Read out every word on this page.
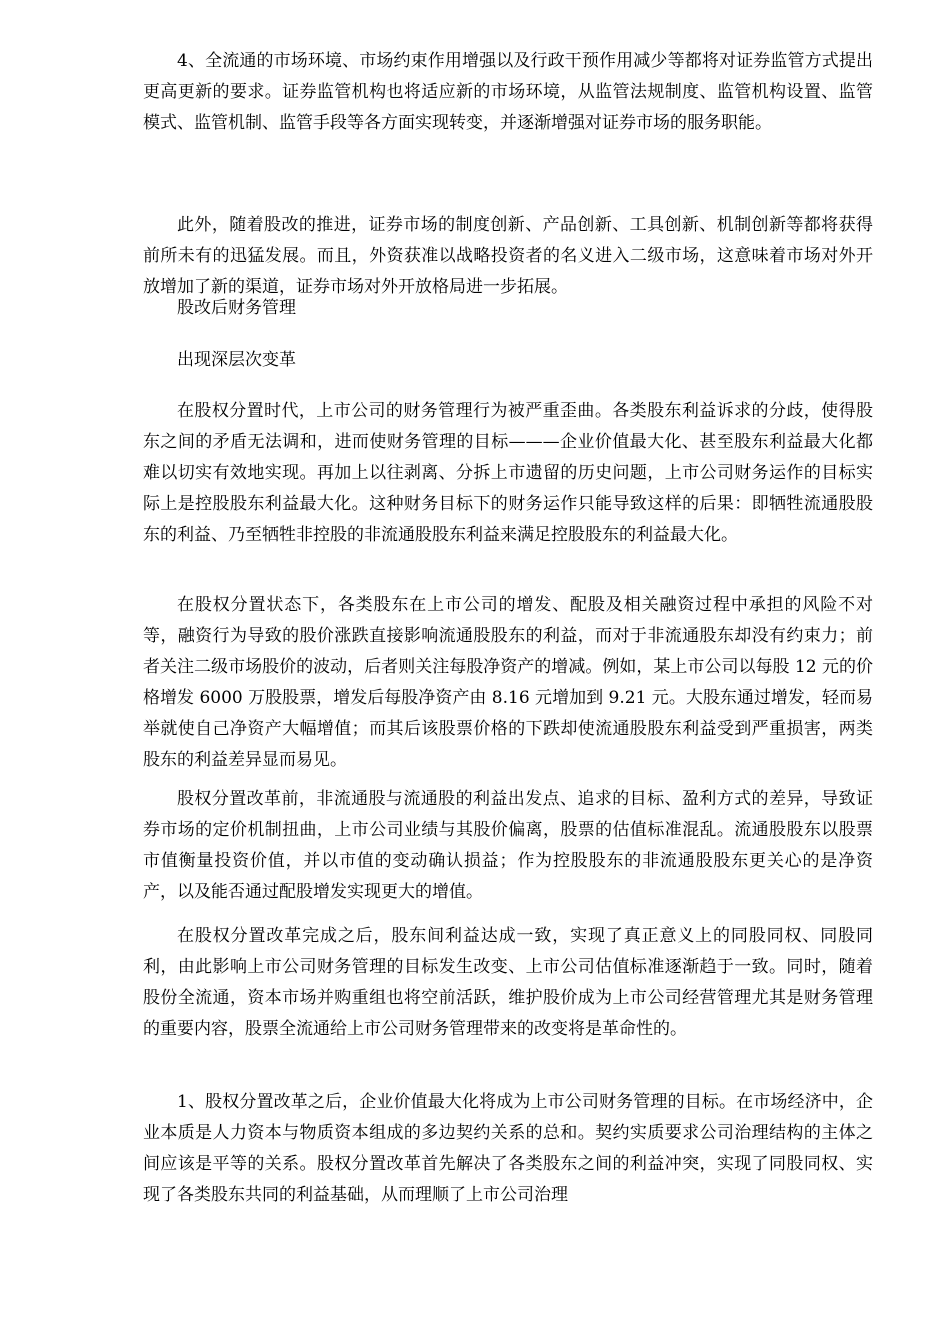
4、全流通的市场环境、市场约束作用增强以及行政干预作用减少等都将对证券监管方式提出更高更新的要求。证券监管机构也将适应新的市场环境，从监管法规制度、监管机构设置、监管模式、监管机制、监管手段等各方面实现转变，并逐渐增强对证券市场的服务职能。

此外，随着股改的推进，证券市场的制度创新、产品创新、工具创新、机制创新等都将获得前所未有的迅猛发展。而且，外资获准以战略投资者的名义进入二级市场，这意味着市场对外开放增加了新的渠道，证券市场对外开放格局进一步拓展。

股改后财务管理

出现深层次变革

在股权分置时代，上市公司的财务管理行为被严重歪曲。各类股东利益诉求的分歧，使得股东之间的矛盾无法调和，进而使财务管理的目标———企业价值最大化、甚至股东利益最大化都难以切实有效地实现。再加上以往剥离、分拆上市遗留的历史问题，上市公司财务运作的目标实际上是控股股东利益最大化。这种财务目标下的财务运作只能导致这样的后果：即牺牲流通股股东的利益、乃至牺牲非控股的非流通股股东利益来满足控股股东的利益最大化。

在股权分置状态下，各类股东在上市公司的增发、配股及相关融资过程中承担的风险不对等，融资行为导致的股价涨跌直接影响流通股股东的利益，而对于非流通股东却没有约束力；前者关注二级市场股价的波动，后者则关注每股净资产的增减。例如，某上市公司以每股 12 元的价格增发 6000 万股股票，增发后每股净资产由 8.16 元增加到 9.21 元。大股东通过增发，轻而易举就使自己净资产大幅增值；而其后该股票价格的下跌却使流通股股东利益受到严重损害，两类股东的利益差异显而易见。

股权分置改革前，非流通股与流通股的利益出发点、追求的目标、盈利方式的差异，导致证券市场的定价机制扭曲，上市公司业绩与其股价偏离，股票的估值标准混乱。流通股股东以股票市值衡量投资价值，并以市值的变动确认损益；作为控股股东的非流通股股东更关心的是净资产，以及能否通过配股增发实现更大的增值。

在股权分置改革完成之后，股东间利益达成一致，实现了真正意义上的同股同权、同股同利，由此影响上市公司财务管理的目标发生改变、上市公司估值标准逐渐趋于一致。同时，随着股份全流通，资本市场并购重组也将空前活跃，维护股价成为上市公司经营管理尤其是财务管理的重要内容，股票全流通给上市公司财务管理带来的改变将是革命性的。

1、股权分置改革之后，企业价值最大化将成为上市公司财务管理的目标。在市场经济中，企业本质是人力资本与物质资本组成的多边契约关系的总和。契约实质要求公司治理结构的主体之间应该是平等的关系。股权分置改革首先解决了各类股东之间的利益冲突，实现了同股同权、实现了各类股东共同的利益基础，从而理顺了上市公司治理
